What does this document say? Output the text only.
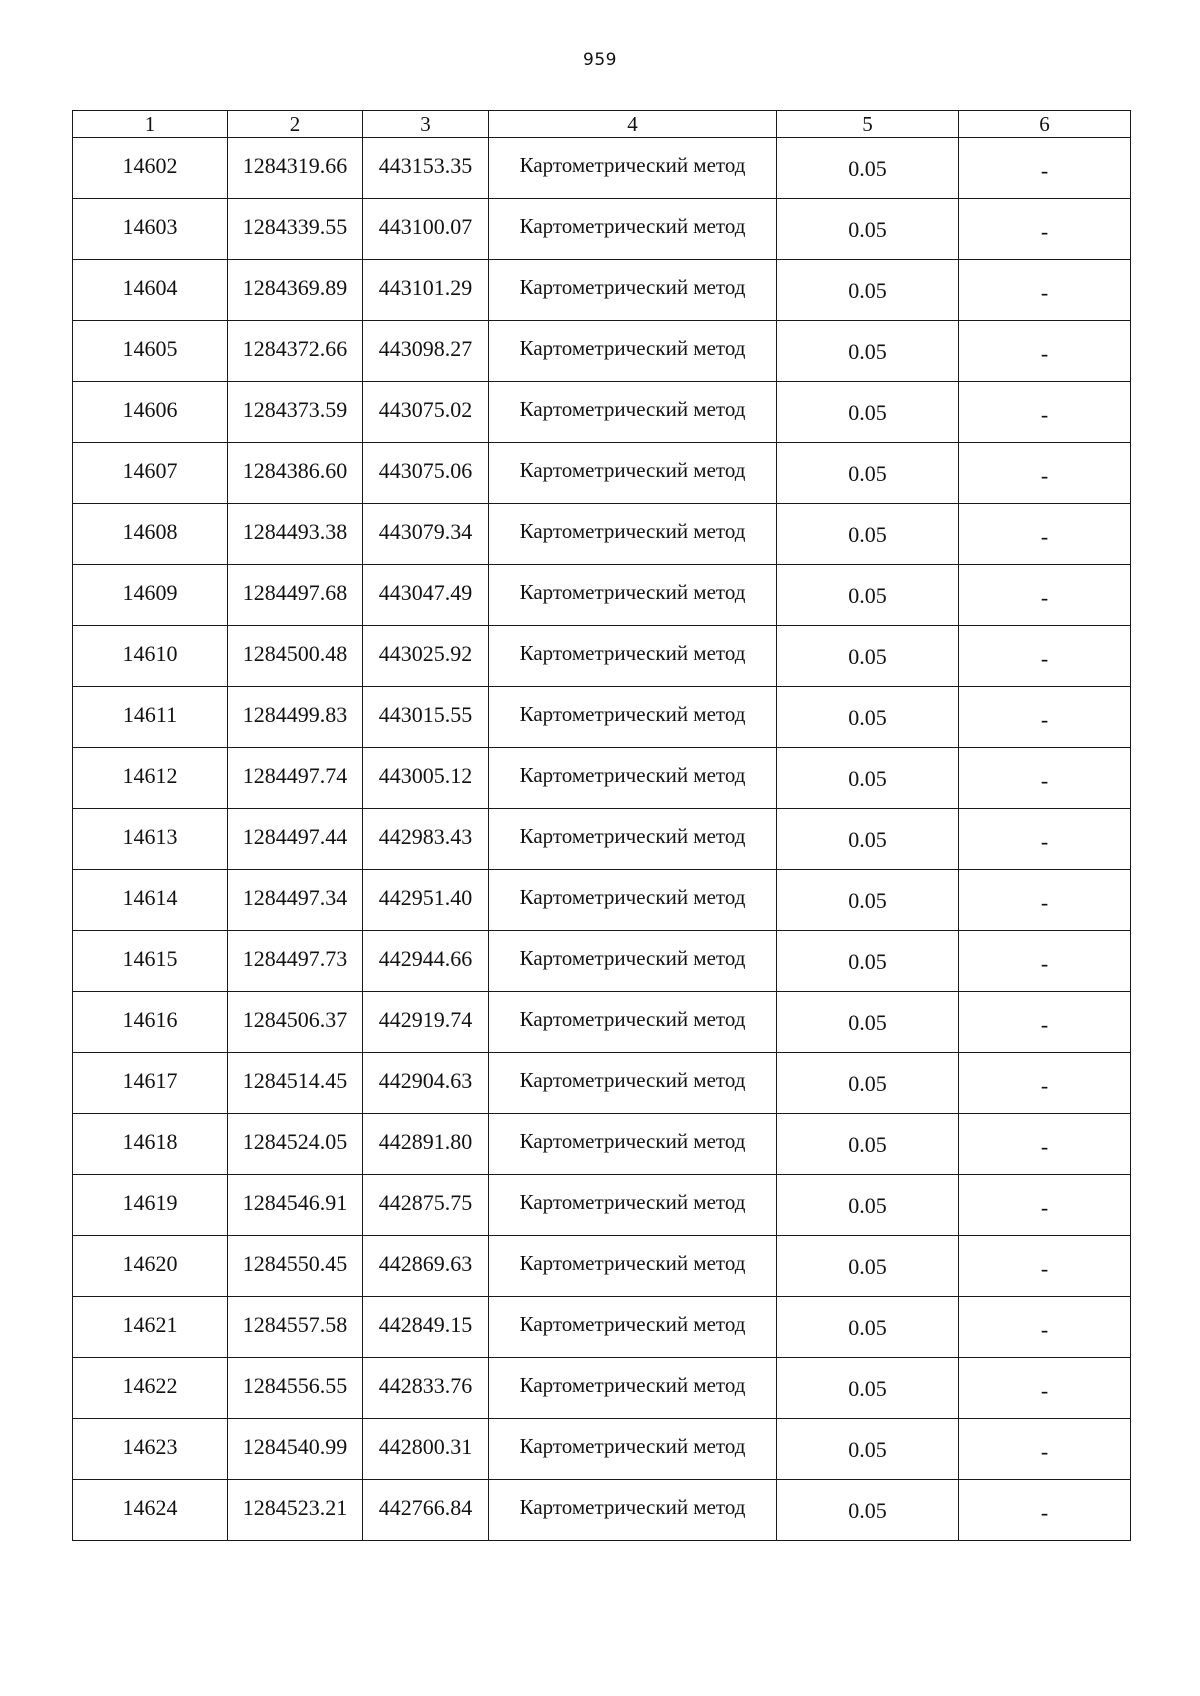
959
1	2	3	4	5	6
14602	1284319.66	443153.35	Картометрический метод	0.05	-
14603	1284339.55	443100.07	Картометрический метод	0.05	-
14604	1284369.89	443101.29	Картометрический метод	0.05	-
14605	1284372.66	443098.27	Картометрический метод	0.05	-
14606	1284373.59	443075.02	Картометрический метод	0.05	-
14607	1284386.60	443075.06	Картометрический метод	0.05	-
14608	1284493.38	443079.34	Картометрический метод	0.05	-
14609	1284497.68	443047.49	Картометрический метод	0.05	-
14610	1284500.48	443025.92	Картометрический метод	0.05	-
14611	1284499.83	443015.55	Картометрический метод	0.05	-
14612	1284497.74	443005.12	Картометрический метод	0.05	-
14613	1284497.44	442983.43	Картометрический метод	0.05	-
14614	1284497.34	442951.40	Картометрический метод	0.05	-
14615	1284497.73	442944.66	Картометрический метод	0.05	-
14616	1284506.37	442919.74	Картометрический метод	0.05	-
14617	1284514.45	442904.63	Картометрический метод	0.05	-
14618	1284524.05	442891.80	Картометрический метод	0.05	-
14619	1284546.91	442875.75	Картометрический метод	0.05	-
14620	1284550.45	442869.63	Картометрический метод	0.05	-
14621	1284557.58	442849.15	Картометрический метод	0.05	-
14622	1284556.55	442833.76	Картометрический метод	0.05	-
14623	1284540.99	442800.31	Картометрический метод	0.05	-
14624	1284523.21	442766.84	Картометрический метод	0.05	-
